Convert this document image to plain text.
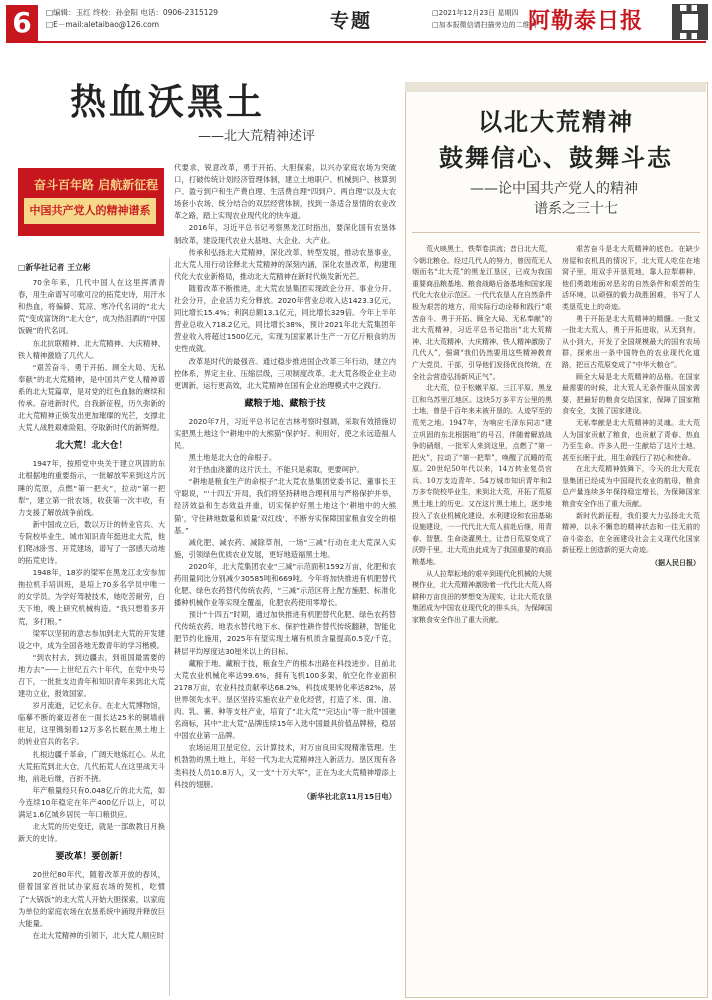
6	□编辑：玉红 终校：孙金阳 电话：0906-2315129
□E－mail:aletaibao@126.com	专题	□2021年12月23日 星期四
□加本报微信请扫描旁边的二维码
阿勒泰日报
热血沃黑土
——北大荒精神述评
奋斗百年路 启航新征程
中国共产党人的精神谱系

□新华社记者 王立彬

70余年来，几代中国人在这里挥洒青春，用生命谱写可歌可泣的拓荒史诗，用汗水和热血，将偏僻、荒凉、寒冷代名词的“北大荒”变成富饶的“北大仓”，成为热泪洒的“中国饭碗”的代名词。

东北抗联精神、北大荒精神、大庆精神、铁人精神激励了几代人。

“艰苦奋斗、勇于开拓、顾全大局、无私奉献”的北大荒精神，是中国共产党人精神谱系的北大荒篇章，是对党的红色血脉的赓续和传承。奋进新时代，自我新征程，历久弥新的北大荒精神正焕发出更加璀璨的光芒，支撑北大荒人战胜艰难险阻、夺取新时代的新辉煌。

北大荒！北大仓！

1947年，按照党中央关于建立巩固的东北根据地的重要指示，一批解放军来到这片沉睡的荒原，点燃“第一把火”，拉动“第一把犁”，建立第一批农场，收获第一次丰收，有力支援了解放战争前线。

新中国成立后，数以万计的转业官兵、大专院校毕业生、城市知识青年挺进北大荒，他们爬冰卧雪、开荒建场，谱写了一部感天动地的拓荒史诗。

1948年，18岁的梁军在黑龙江北安参加拖拉机手培训班，是培上70多名学员中唯一的女学员。为学好驾驶技术，她吃苦耐劳，白天下地，晚上研究机械构造。“我只想着多开荒，多打粮。”

梁军以坚韧的意志参加到北大荒的开发建设之中，成为全国各地无数青年的学习楷模。

“到农村去，到边疆去，到祖国最需要的地方去”——上世纪五六十年代，在党中央号召下，一批批支边青年和知识青年来到北大荒建功立业，报效国家。

岁月流逝，记忆永存。在北大荒博物馆，临摹不断的豪迈者在一面长达25米的铜墙前驻足，这里镌刻着12万多名长眠在黑土地上的转业官兵的名字。

扎根边疆千革命，广阔天地炼红心。从北大荒拓荒到北大仓，几代拓荒人在这里战天斗地，前赴后继，百折不挠。

年产粮量经只有0.048亿斤的北大荒，如今连续10年稳定在年产400亿斤以上，可以满足1.6亿城乡居民一年口粮供应。

北大荒的历史变迁，就是一部敢教日月换新天的史诗。

要改革！要创新！

20世纪80年代，随着改革开放的春风，借着国家首批试办家庭农场的契机，吃惯了“大锅饭”的北大荒人开始大胆探索，以家庭为单位的家庭农场在农垦系统中涌现并释放巨大能量。

在北大荒精神的引领下，北大荒人顺应时

代要求，锐意改革，勇于开拓、大胆探索，以兴办家庭农场为突破口，打破传统计划经济管理体制，建立土地职户、机械到户、核算到户、盈亏到户和生产费自理、生活费自理“四到户、两自理”以及大农场套小农场、统分结合的双层经营体制，找到一条适合垦情的农业改革之路，踏上实现农业现代化的快车道。

2016年，习近平总书记考察黑龙江时指出，要深化国有农垦体制改革，建设现代农业大基地、大企业、大产业。

传承和弘扬北大荒精神，深化改革、转型发展，推动农垦事业，北大荒人用行动诠释北大荒精神的深刻内涵，深化农垦改革，构建现代化大农业新格局，推动北大荒精神在新时代焕发新光芒。

随着改革不断推进，北大荒农垦集团实现政企分开、事业分开、社会分开，企业活力充分释放。2020年营业总收入达1423.3亿元，同比增长15.4%；利润总额13.1亿元，同比增长329倍。今年上半年营业总收入718.2亿元，同比增长38%，预计2021年北大荒集团年营业收入将超过1500亿元，实现为国家累计生产一万亿斤粮食的历史性成就。

改革是时代的最强音。通过稳步推进国企改革三年行动，建立内控体系，界定主业、压缩层级，三项制度改革。北大荒各级企业主动更调新，运行更高效，北大荒精神在国有企业治理模式中之践行。

藏粮于地、藏粮于技

2020年7月，习近平总书记在吉林考察时强调，采取有效措施切实把黑土地这个“耕地中的大熊猫”保护好、利用好，使之永远造福人民。

黑土地是北大仓的命根子。

对于热血浇灌的这片沃土，不能只是索取，更要呵护。

“耕地是粮食生产的命根子”北大荒农垦集团党委书记、董事长王守聪说，“‘十四五’开局，我们将坚持耕地合理利用与严格保护并举，经济效益和生态效益并重，切实保护好黑土地这个‘耕地中的大熊猫’，守住耕地数量和质量‘双红线’，不断夯实保障国家粮食安全的根基。”

减化肥、减农药、减除草剂，一场“三减”行动在北大荒深入实施，引领绿色优质农业发展，更好地造福黑土地。

2020年，北大荒集团农业“三减”示范面积1592万亩，化肥和农药用量同比分别减少30585吨和669吨。今年将加快推进有机肥替代化肥、绿色农药替代传统农药，“三减”示范区将上配方施肥、标准化播种机械作业等实现全覆盖，化肥农药使用零增长。

预计“十四五”时期，通过加快推进有机肥替代化肥、绿色农药替代传统农药、地表水替代地下水、保护性耕作替代传统翻耕，智能化肥节约化施用，2025年有望实现土壤有机质含量提高0.5克/千克，耕层平均厚度达30厘米以上的目标。

藏粮于地、藏粮于技，粮食生产的根本出路在科技进步。目前北大荒农业机械化率达99.6%，拥有飞机100多架，航空化作业面积2178万亩，农业科技贡献率达68.2%，科技成果转化率达82%，居世界领先水平。垦区坚持实施农业产业化经营，打造了米、面、油、肉、乳、薯、种等支柱产业，培育了“北大荒”“完达山”等一批中国驰名商标，其中“北大荒”品牌连续15年入选中国最具价值品牌榜，稳居中国农业第一品牌。

农场运用卫星定位、云计算技术，对万亩良田实现精准管理。生机勃勃的黑土地上，年轻一代为北大荒精神注入新活力。垦区现有各类科技人员10.8万人，又一支“十万大军”，正在为北大荒精神增添上科技的翅膀。

（新华社北京11月15日电）

以北大荒精神
鼓舞信心、鼓舞斗志
——论中国共产党人的精神
谱系之三十七

荒火映黑土，铁犁卷洪流；昔日北大荒，今朝北粮仓。经过几代人的努力，曾因荒无人烟而名“北大荒”的黑龙江垦区，已成为我国重要商品粮基地、粮食战略后备基地和国家现代化大农业示范区。一代代农垦人在自然条件极为艰苦的地方，用实际行动诠释和践行“艰苦奋斗、勇于开拓、顾全大局、无私奉献”的北大荒精神，习近平总书记指出“北大荒精神、北大荒精神、大庆精神、铁人精神激励了几代人”，强调“我们仍然要用这些精神教育广大党员、干部，引导他们发扬优良传统，在全社会营造弘扬新风正气”。

北大荒，位于松嫩平原、三江平原、黑龙江和乌苏里江地区。这块5万多平方公里的黑土地，曾是千百年来未被开垦的。人迹罕至的荒芜之地。1947年，为响应毛泽东同志“建立巩固的东北根据地”的号召，伴随着解放战争的硝烟，一批军人来到这里，点燃了“第一把火”，拉动了“第一把犁”，唤醒了沉睡的荒原。20世纪50年代以来，14万转业复员官兵、10万支边青年、54万城市知识青年和2万多专院校毕业生，来到北大荒，开拓了荒原黑土地上的历史。又在这片黑土地上，逐步地投入了农业机械化建设、水利建设和农田基础设施建设，一一代代北大荒人前赴后继，用青春、智慧、生命浇灌黑土，让昔日荒原变成了沃野千里，北大荒由此成为了我国重要的商品粮基地。

从人拉犁耘地的艰辛到现代化机械的大规模作业，北大荒精神激励着一代代北大荒人将耕种万亩良田的梦想变为现实，让北大荒农垦集团成为中国农业现代化的排头兵，为保障国家粮食安全作出了重大贡献。

艰苦奋斗是北大荒精神的底色。在缺少房屋和农机具的情况下，北大荒人吃住在地窝子里，用双手开垦荒地，靠人拉犁耕种，他们勇敢地面对恶劣的自然条件和艰苦的生活环境，以顽强的毅力战胜困难，书写了人类垦荒史上的奇迹。

勇于开拓是北大荒精神的精髓。一批又一批北大荒人，勇于开拓进取，从无到有，从小到大，开发了全国规模最大的国有农场群，探索出一条中国特色的农业现代化道路，把亘古荒原变成了“中华大粮仓”。

顾全大局是北大荒精神的品格。在国家最需要的时候，北大荒人无条件服从国家需要，把最好的粮食交给国家，保障了国家粮食安全，支援了国家建设。

无私奉献是北大荒精神的灵魂。北大荒人为国家贡献了粮食，也贡献了青春、热血乃至生命。许多人把一生献给了这片土地，甚至长眠于此，用生命践行了初心和使命。

在北大荒精神鼓舞下，今天的北大荒农垦集团已经成为中国现代农业的航母，粮食总产量连续多年保持稳定增长，为保障国家粮食安全作出了重大贡献。

新时代新征程，我们要大力弘扬北大荒精神，以永不懈怠的精神状态和一往无前的奋斗姿态，在全面建设社会主义现代化国家新征程上创造新的更大奇迹。

（据人民日报）
